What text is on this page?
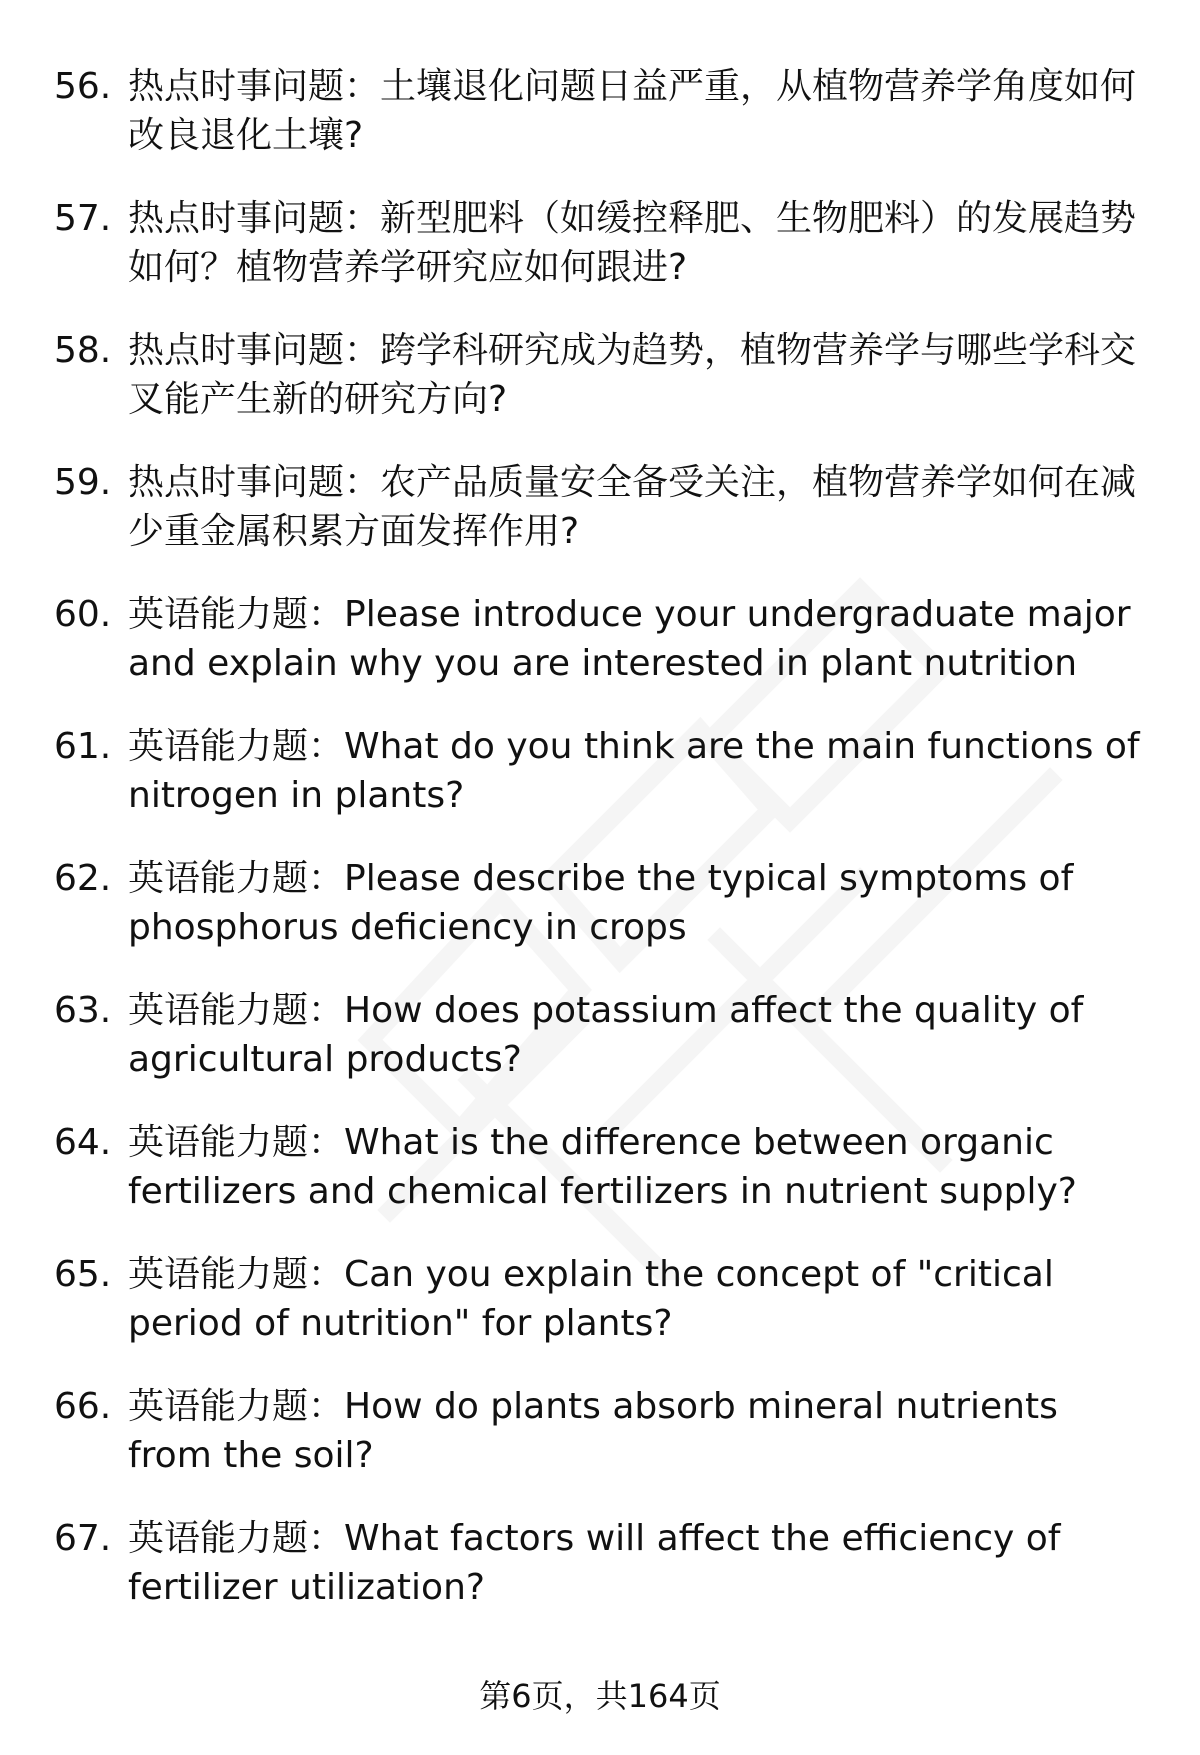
56. 热点时事问题：土壤退化问题日益严重，从植物营养学角度如何改良退化土壤?
57. 热点时事问题：新型肥料（如缓控释肥、生物肥料）的发展趋势如何？植物营养学研究应如何跟进?
58. 热点时事问题：跨学科研究成为趋势，植物营养学与哪些学科交叉能产生新的研究方向?
59. 热点时事问题：农产品质量安全备受关注，植物营养学如何在减少重金属积累方面发挥作用?
60. 英语能力题：Please introduce your undergraduate major and explain why you are interested in plant nutrition
61. 英语能力题：What do you think are the main functions of nitrogen in plants?
62. 英语能力题：Please describe the typical symptoms of phosphorus deficiency in crops
63. 英语能力题：How does potassium affect the quality of agricultural products?
64. 英语能力题：What is the difference between organic fertilizers and chemical fertilizers in nutrient supply?
65. 英语能力题：Can you explain the concept of "critical period of nutrition" for plants?
66. 英语能力题：How do plants absorb mineral nutrients from the soil?
67. 英语能力题：What factors will affect the efficiency of fertilizer utilization?
第6页，共164页
